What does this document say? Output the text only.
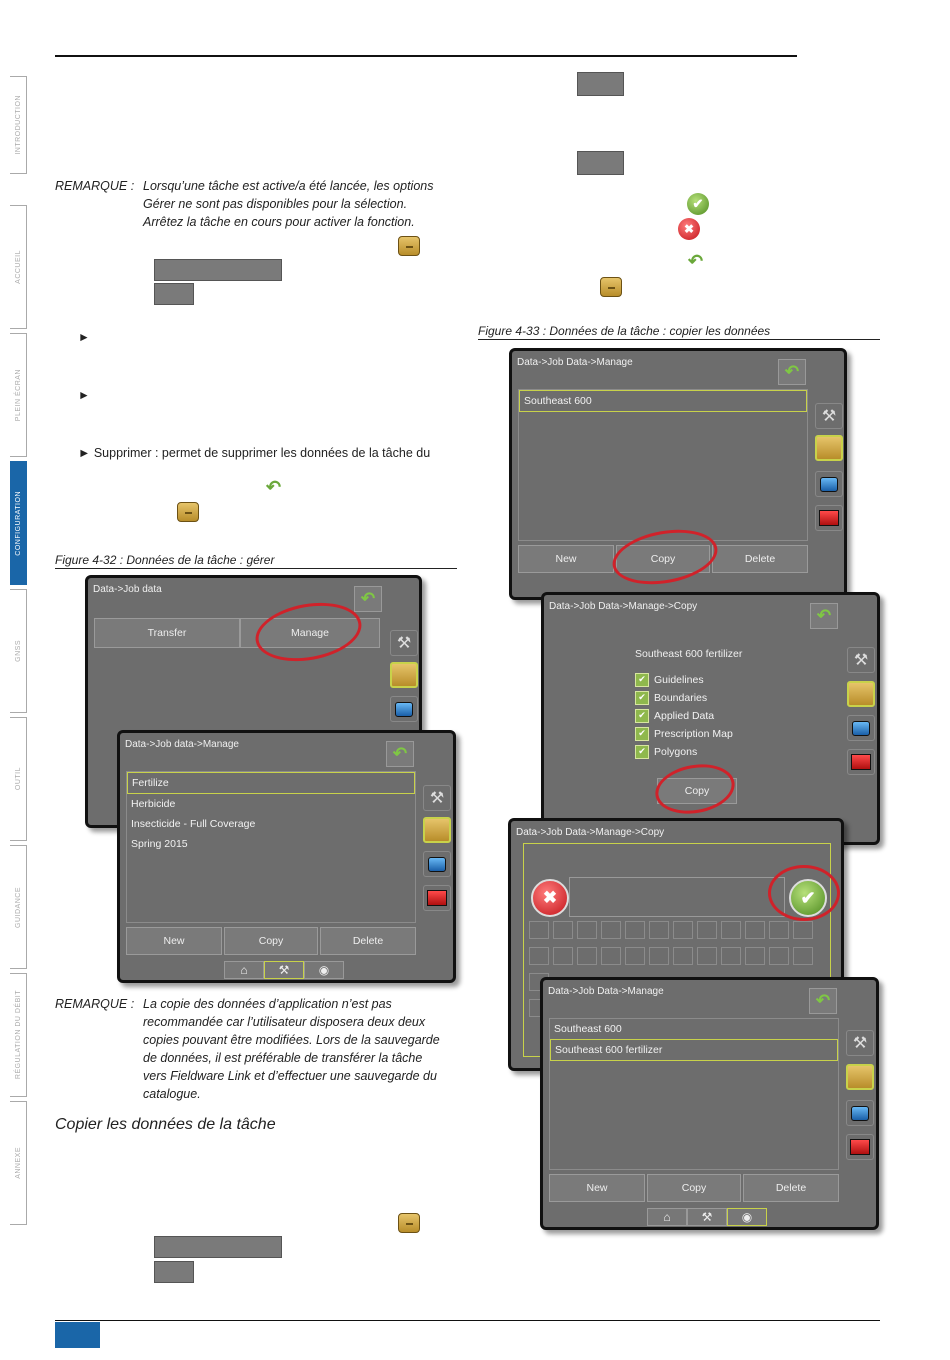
INTRODUCTION
ACCUEIL
PLEIN ÉCRAN
CONFIGURATION
GNSS
OUTIL
GUIDANCE
RÉGULATION DU DÉBIT
ANNEXE
REMARQUE : Lorsqu’une tâche est active/a été lancée, les options
Gérer ne sont pas disponibles pour la sélection.
Arrêtez la tâche en cours pour activer la fonction.
►
►
► Supprimer : permet de supprimer les données de la tâche du
↶
Figure 4-32 : Données de la tâche : gérer
Data->Job data	↶
Transfer	Manage
⚒
Data->Job data->Manage	↶
Fertilize
Herbicide
Insecticide - Full Coverage
Spring 2015
⚒
New	Copy	Delete
⌂	⚒	◉
REMARQUE : La copie des données d’application n’est pas
recommandée car l’utilisateur disposera deux deux
copies pouvant être modifiées. Lors de la sauvegarde
de données, il est préférable de transférer la tâche
vers Fieldware Link et d’effectuer une sauvegarde du
catalogue.
Copier les données de la tâche
✔
✖
↶
Figure 4-33 : Données de la tâche : copier les données
Data->Job Data->Manage	↶
Southeast 600
⚒
New	Copy	Delete
Data->Job Data->Manage->Copy	↶
Southeast 600 fertilizer
✔ Guidelines
✔ Boundaries
✔ Applied Data
✔ Prescription Map
✔ Polygons
Copy
⚒
Data->Job Data->Manage->Copy
✖	✔
Data->Job Data->Manage	↶
Southeast 600
Southeast 600 fertilizer	⚒
New	Copy	Delete
⌂	⚒	◉
